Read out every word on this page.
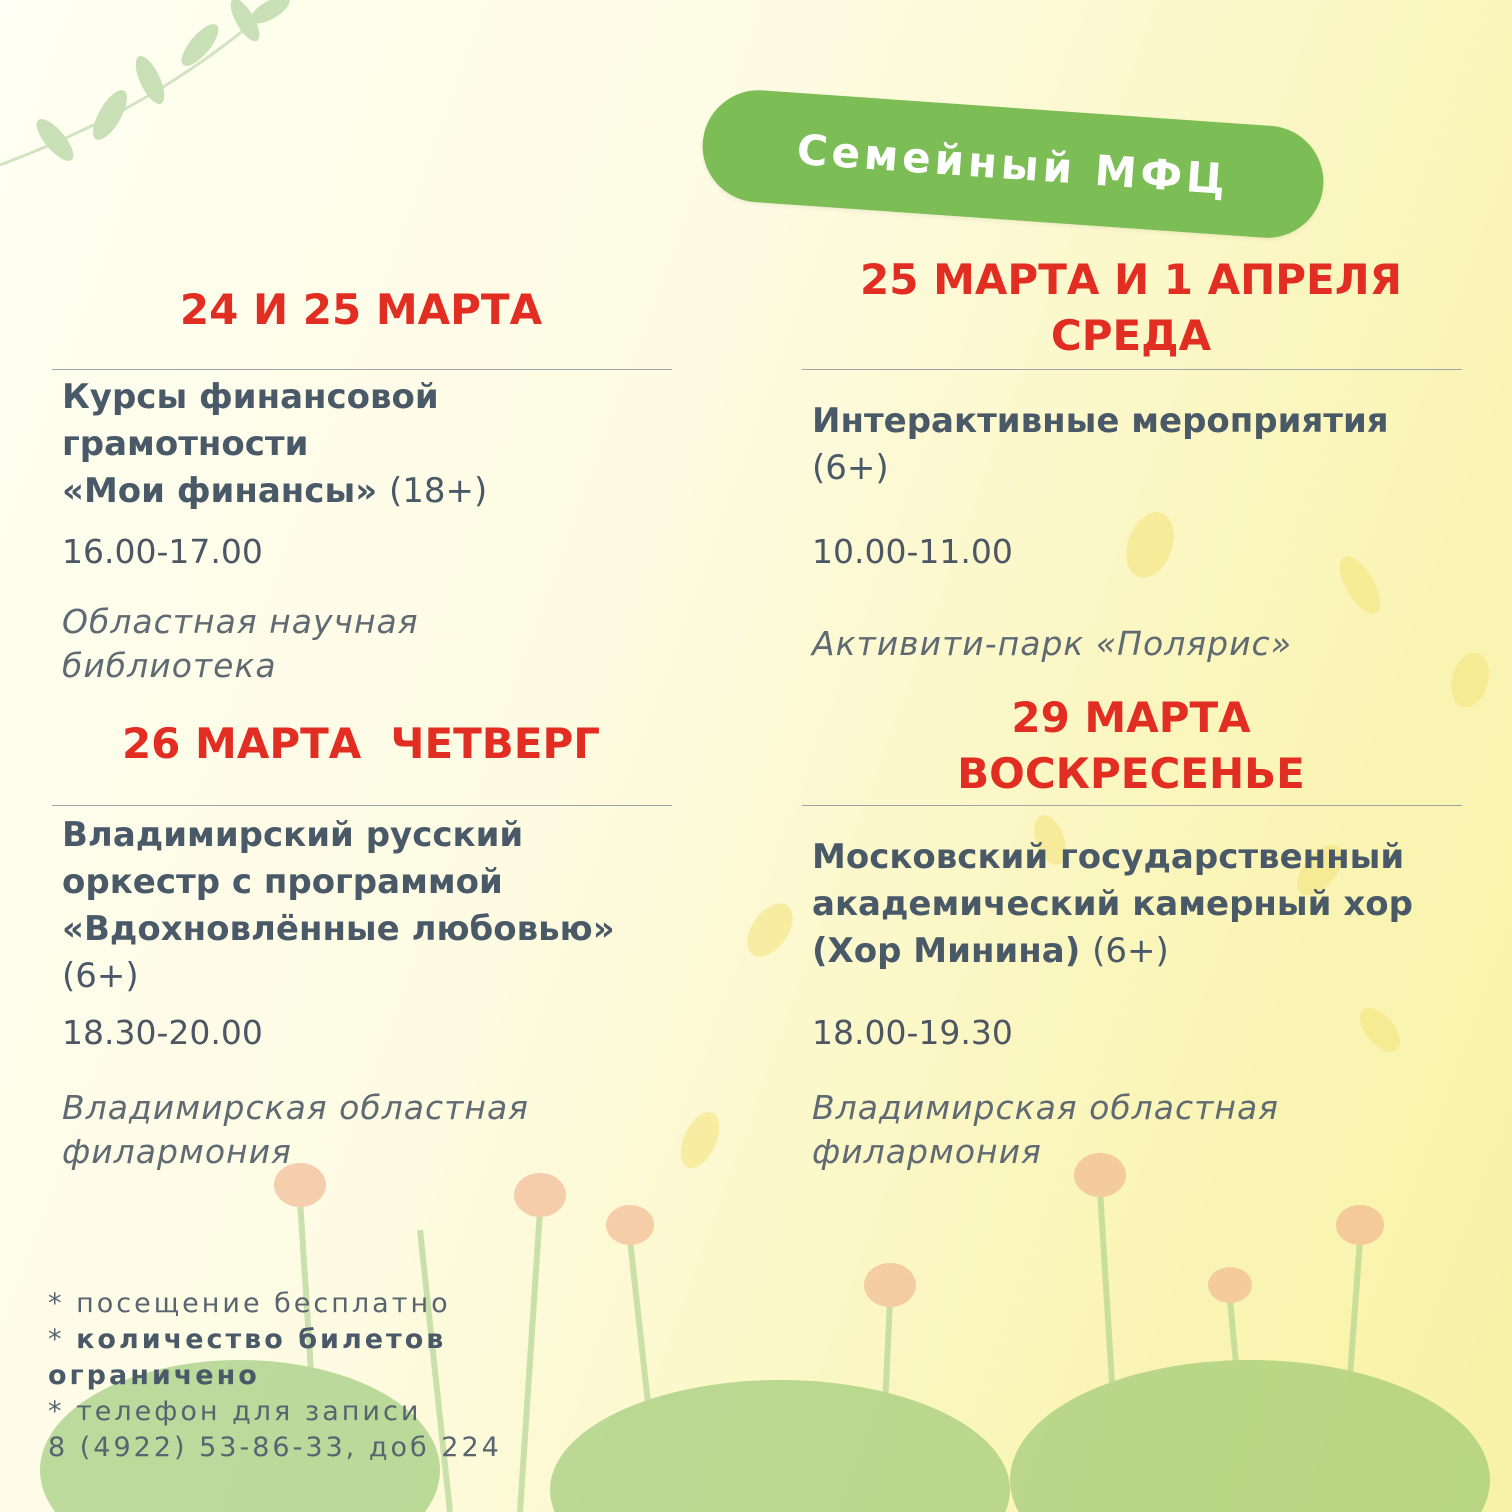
Семейный МФЦ
24 И 25 МАРТА
Курсы финансовой
грамотности
«Мои финансы» (18+)
16.00-17.00
Областная научная
библиотека
25 МАРТА И 1 АПРЕЛЯ
СРЕДА
Интерактивные мероприятия
(6+)
10.00-11.00
Активити-парк «Полярис»
26 МАРТА  ЧЕТВЕРГ
Владимирский русский
оркестр с программой
«Вдохновлённые любовью»
(6+)
18.30-20.00
Владимирская областная
филармония
29 МАРТА
ВОСКРЕСЕНЬЕ
Московский государственный
академический камерный хор
(Хор Минина) (6+)
18.00-19.30
Владимирская областная
филармония
* посещение бесплатно
* количество билетов ограничено
* телефон для записи
8 (4922) 53-86-33, доб 224
